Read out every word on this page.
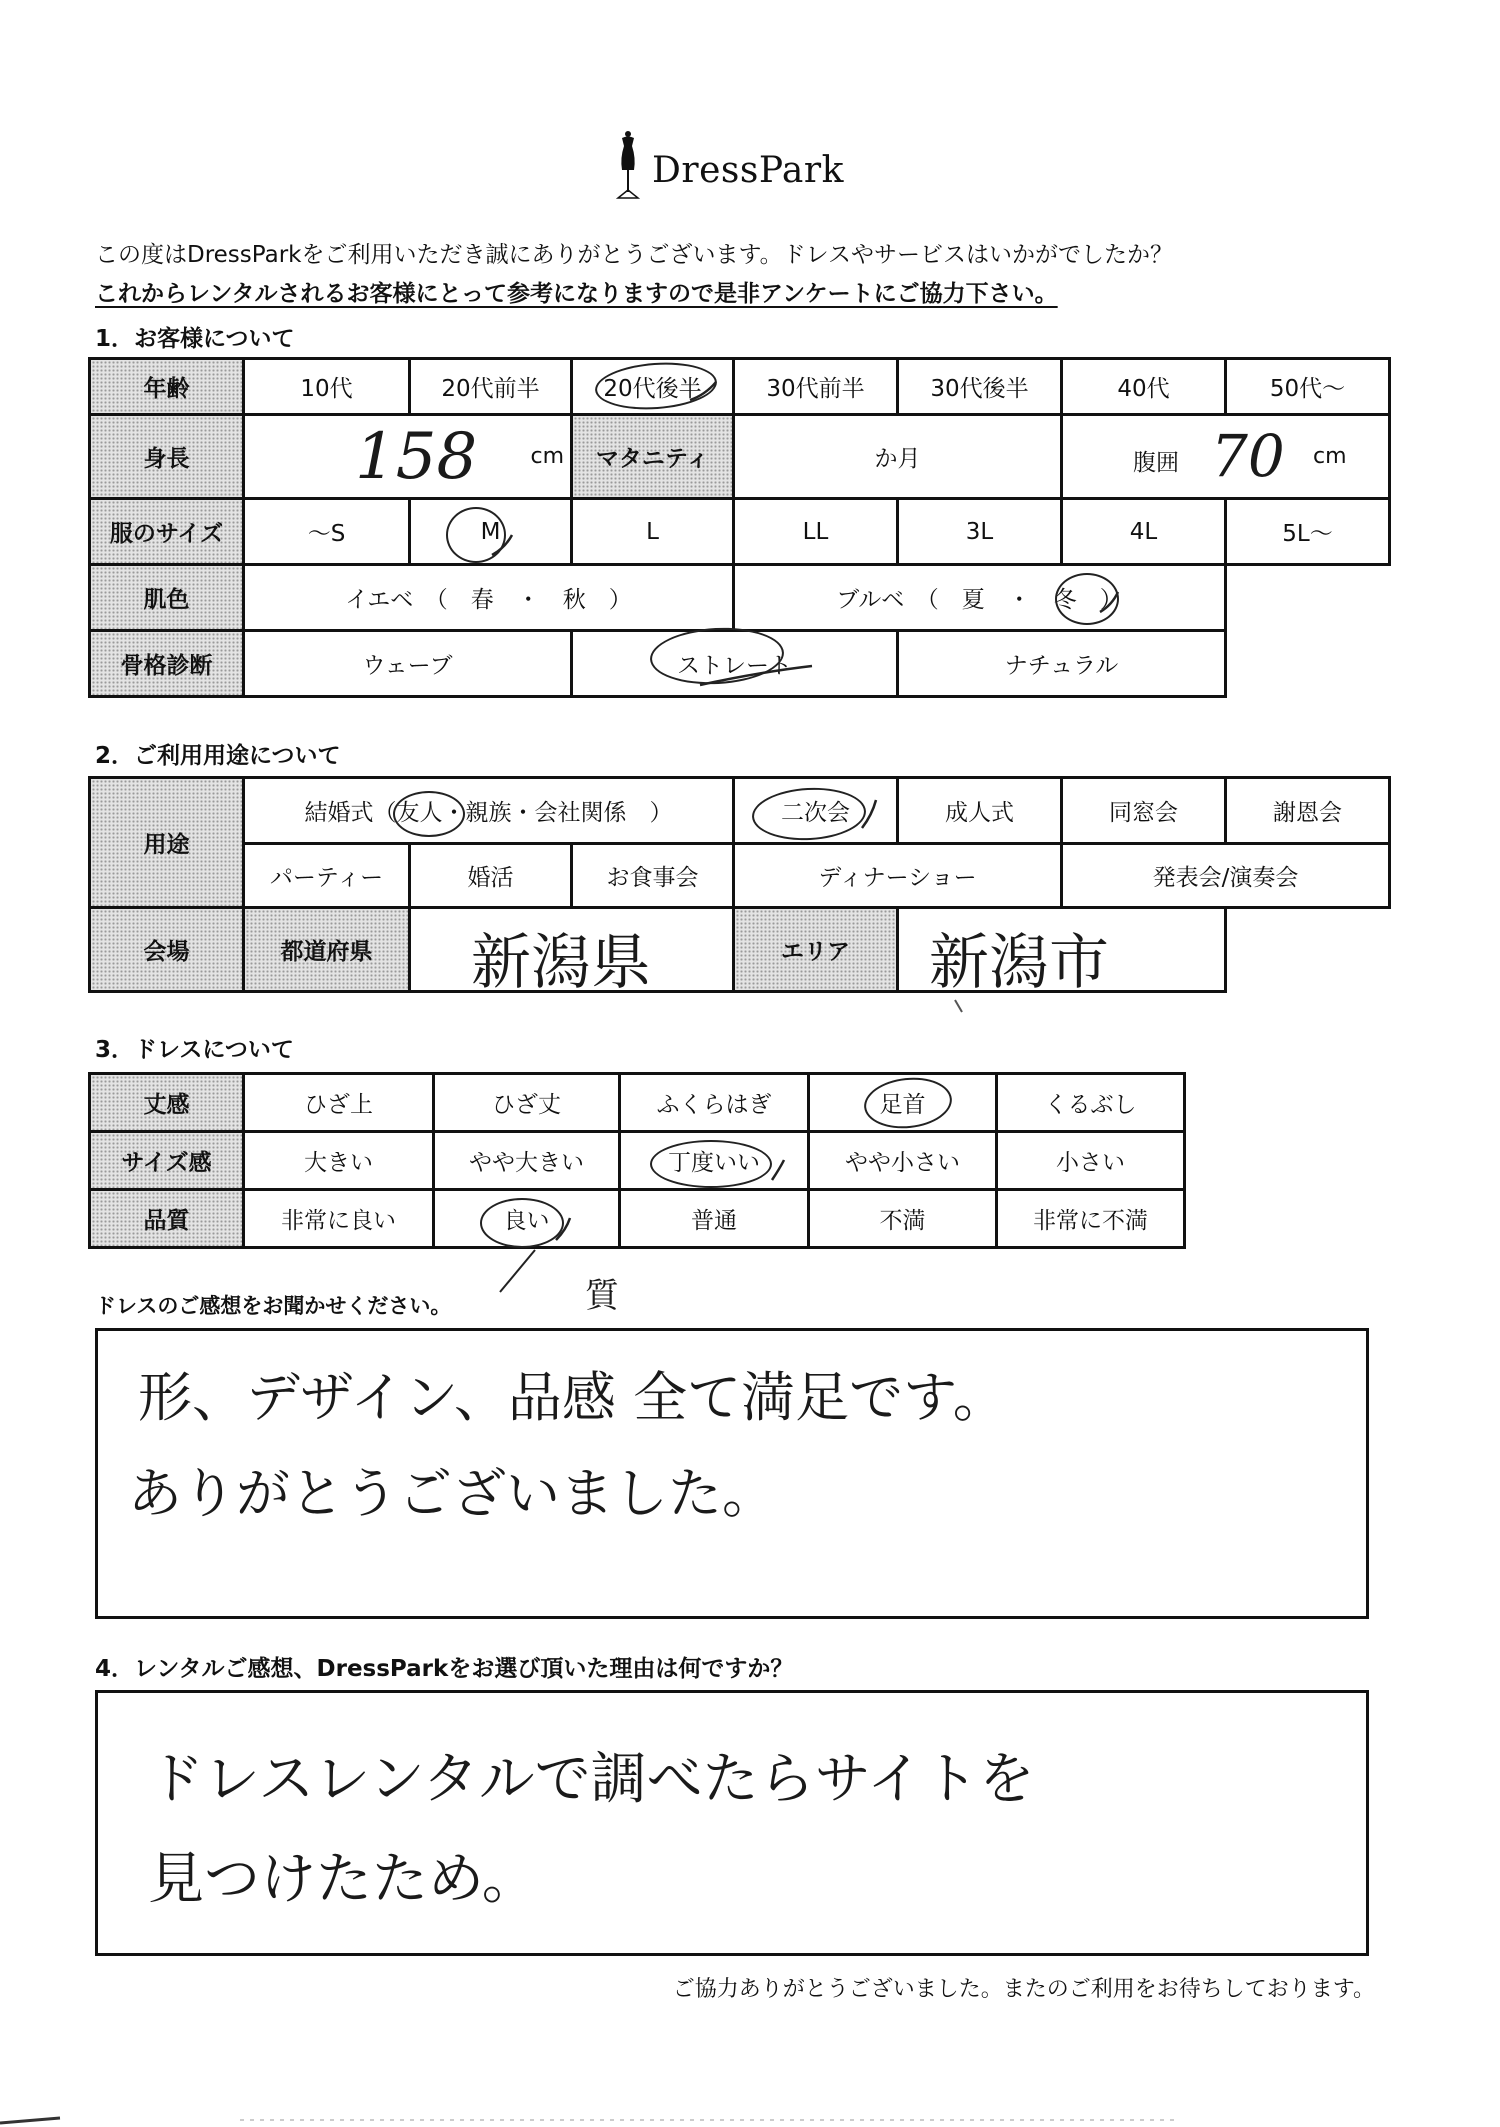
DressPark
この度はDressParkをご利用いただき誠にありがとうございます。ドレスやサービスはいかがでしたか？
これからレンタルされるお客様にとって参考になりますので是非アンケートにご協力下さい。
1．お客様について
年齢	10代	20代前半	20代後半	30代前半	30代後半	40代	50代～
身長	158 cm		マタニティ	か月		腹囲 70 cm	

服のサイズ	～S	M	L	LL	3L	4L	5L～
肌色	イエベ　（　春　・　秋　）			ブルベ　（　夏　・　 冬　 ）			
骨格診断	ウェーブ		ストレート		ナチュラル		
2．ご利用用途について
用途	結婚式（友人・親族・会社関係　）			二次会	成人式	同窓会	謝恩会
	パーティー	婚活	お食事会	ディナーショー		発表会/演奏会	
会場	都道府県	新潟県		エリア	新潟市		

3．ドレスについて
丈感	ひざ上	ひざ丈	ふくらはぎ	足首	くるぶし
サイズ感	大きい	やや大きい	丁度いい	やや小さい	小さい
品質	非常に良い	良い	普通	不満	非常に不満
ドレスのご感想をお聞かせください。	質
形、デザイン、品感 全て満足です。
ありがとうございました。
4．レンタルご感想、DressParkをお選び頂いた理由は何ですか？
ドレスレンタルで調べたらサイトを
見つけたため。
ご協力ありがとうございました。またのご利用をお待ちしております。
